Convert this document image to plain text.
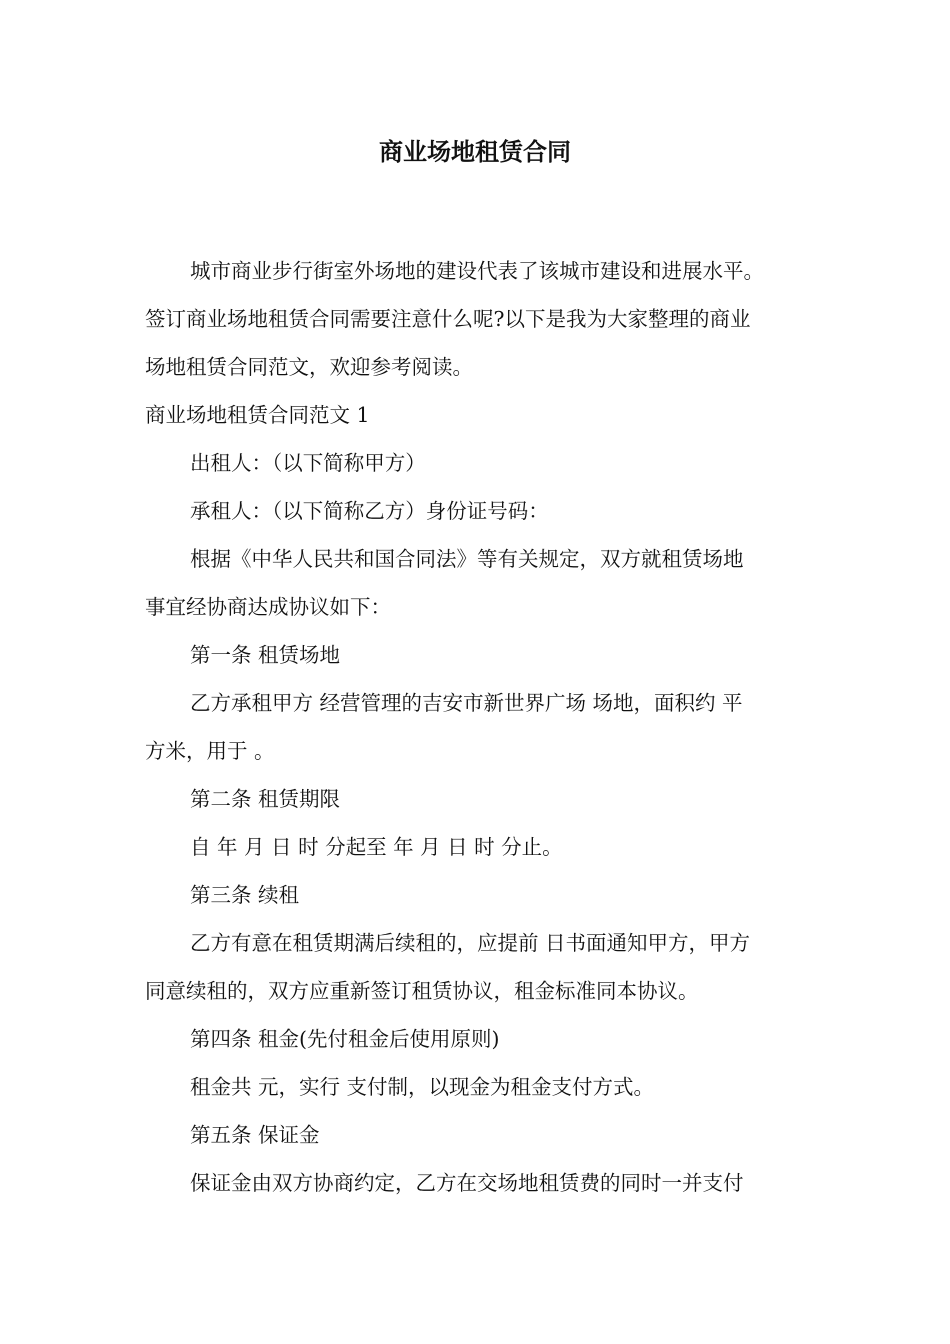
商业场地租赁合同

城市商业步行街室外场地的建设代表了该城市建设和进展水平。

签订商业场地租赁合同需要注意什么呢?以下是我为大家整理的商业

场地租赁合同范文，欢迎参考阅读。

商业场地租赁合同范文 1

出租人：（以下简称甲方）

承租人：（以下简称乙方）身份证号码：

根据《中华人民共和国合同法》等有关规定，双方就租赁场地

事宜经协商达成协议如下：

第一条 租赁场地

乙方承租甲方 经营管理的吉安市新世界广场 场地，面积约 平

方米，用于 。

第二条 租赁期限

自 年 月 日 时 分起至 年 月 日 时 分止。

第三条 续租

乙方有意在租赁期满后续租的，应提前 日书面通知甲方，甲方

同意续租的，双方应重新签订租赁协议，租金标准同本协议。

第四条 租金(先付租金后使用原则)

租金共 元，实行 支付制，以现金为租金支付方式。

第五条 保证金

保证金由双方协商约定，乙方在交场地租赁费的同时一并支付
